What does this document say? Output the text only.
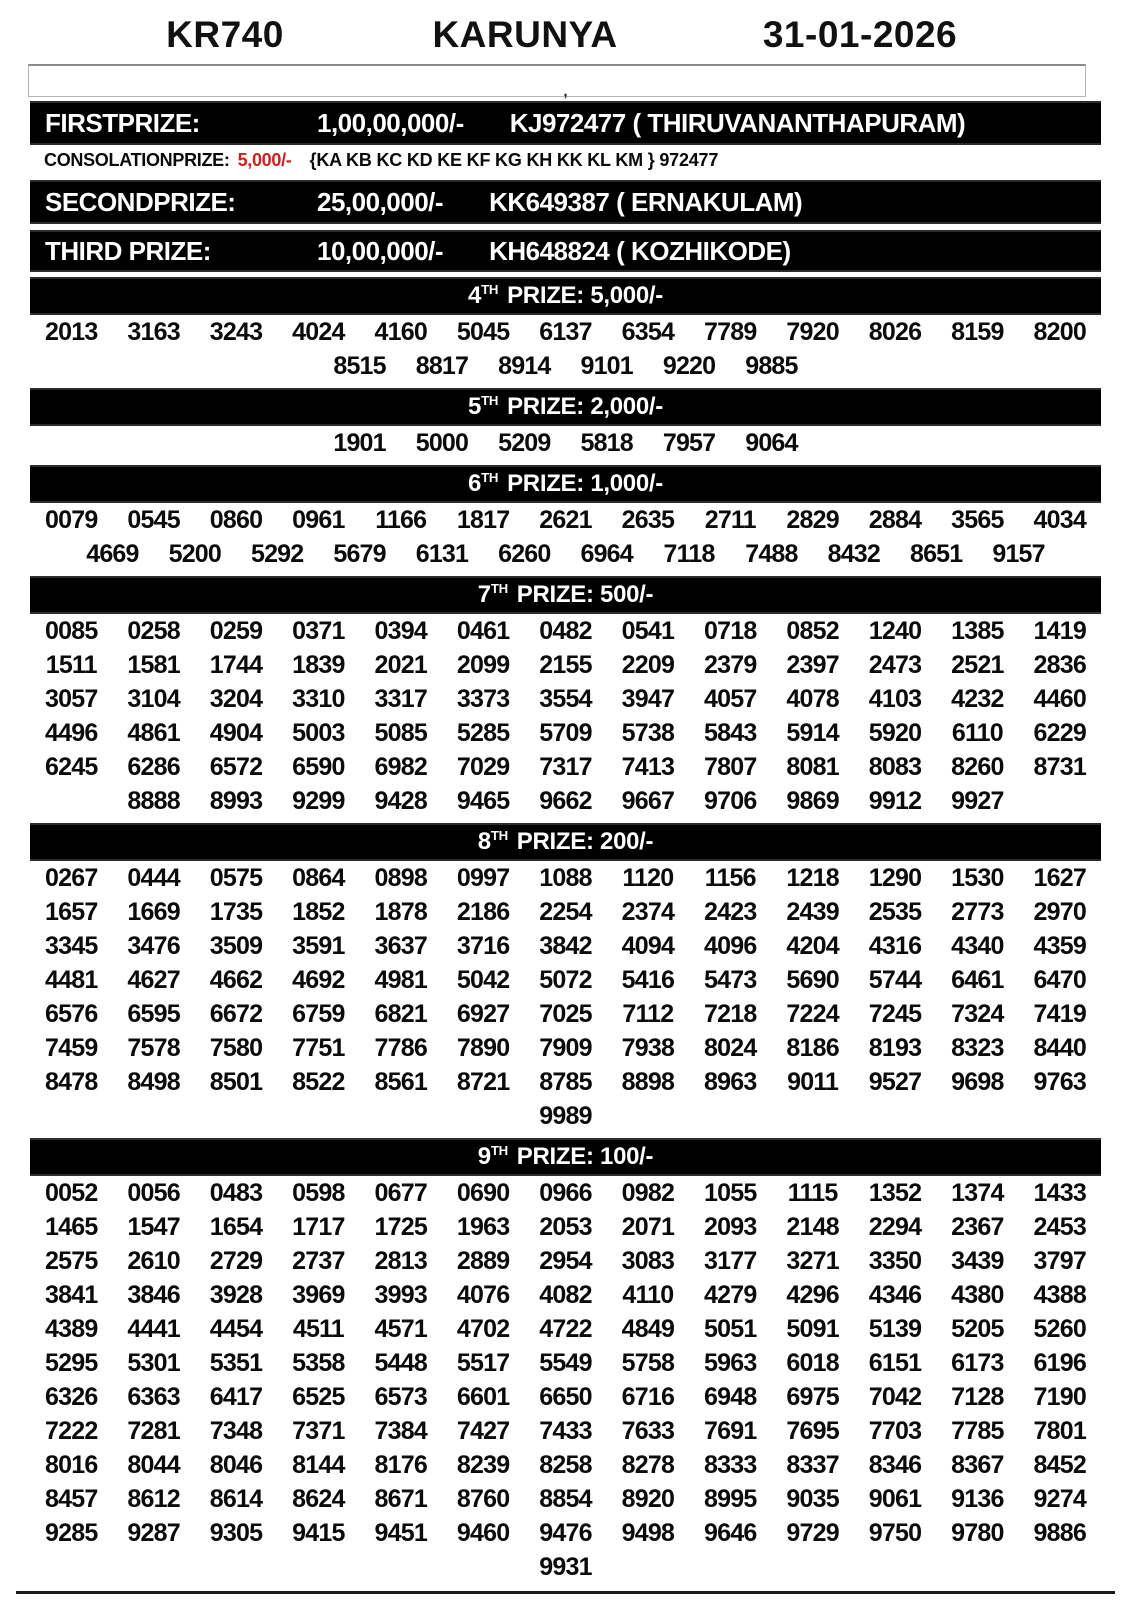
KR740	KARUNYA	31-01-2026
,
FIRSTPRIZE:	1,00,00,000/- KJ972477 ( THIRUVANANTHAPURAM)
CONSOLATIONPRIZE: 5,000/- {KA KB KC KD KE KF KG KH KK KL KM } 972477
SECONDPRIZE:	25,00,000/- KK649387 ( ERNAKULAM)
THIRD PRIZE:	10,00,000/- KH648824 ( KOZHIKODE)
4TH PRIZE: 5,000/-
2013	3163	3243	4024	4160	5045	6137	6354	7789	7920	8026	8159	8200
8515	8817	8914	9101	9220	9885
5TH PRIZE: 2,000/-
1901	5000	5209	5818	7957	9064
6TH PRIZE: 1,000/-
0079	0545	0860	0961	1166	1817	2621	2635	2711	2829	2884	3565	4034
4669	5200	5292	5679	6131	6260	6964	7118	7488	8432	8651	9157
7TH PRIZE: 500/-
0085	0258	0259	0371	0394	0461	0482	0541	0718	0852	1240	1385	1419
1511	1581	1744	1839	2021	2099	2155	2209	2379	2397	2473	2521	2836
3057	3104	3204	3310	3317	3373	3554	3947	4057	4078	4103	4232	4460
4496	4861	4904	5003	5085	5285	5709	5738	5843	5914	5920	6110	6229
6245	6286	6572	6590	6982	7029	7317	7413	7807	8081	8083	8260	8731
8888	8993	9299	9428	9465	9662	9667	9706	9869	9912	9927
8TH PRIZE: 200/-
0267	0444	0575	0864	0898	0997	1088	1120	1156	1218	1290	1530	1627
1657	1669	1735	1852	1878	2186	2254	2374	2423	2439	2535	2773	2970
3345	3476	3509	3591	3637	3716	3842	4094	4096	4204	4316	4340	4359
4481	4627	4662	4692	4981	5042	5072	5416	5473	5690	5744	6461	6470
6576	6595	6672	6759	6821	6927	7025	7112	7218	7224	7245	7324	7419
7459	7578	7580	7751	7786	7890	7909	7938	8024	8186	8193	8323	8440
8478	8498	8501	8522	8561	8721	8785	8898	8963	9011	9527	9698	9763
9989
9TH PRIZE: 100/-
0052	0056	0483	0598	0677	0690	0966	0982	1055	1115	1352	1374	1433
1465	1547	1654	1717	1725	1963	2053	2071	2093	2148	2294	2367	2453
2575	2610	2729	2737	2813	2889	2954	3083	3177	3271	3350	3439	3797
3841	3846	3928	3969	3993	4076	4082	4110	4279	4296	4346	4380	4388
4389	4441	4454	4511	4571	4702	4722	4849	5051	5091	5139	5205	5260
5295	5301	5351	5358	5448	5517	5549	5758	5963	6018	6151	6173	6196
6326	6363	6417	6525	6573	6601	6650	6716	6948	6975	7042	7128	7190
7222	7281	7348	7371	7384	7427	7433	7633	7691	7695	7703	7785	7801
8016	8044	8046	8144	8176	8239	8258	8278	8333	8337	8346	8367	8452
8457	8612	8614	8624	8671	8760	8854	8920	8995	9035	9061	9136	9274
9285	9287	9305	9415	9451	9460	9476	9498	9646	9729	9750	9780	9886
9931
